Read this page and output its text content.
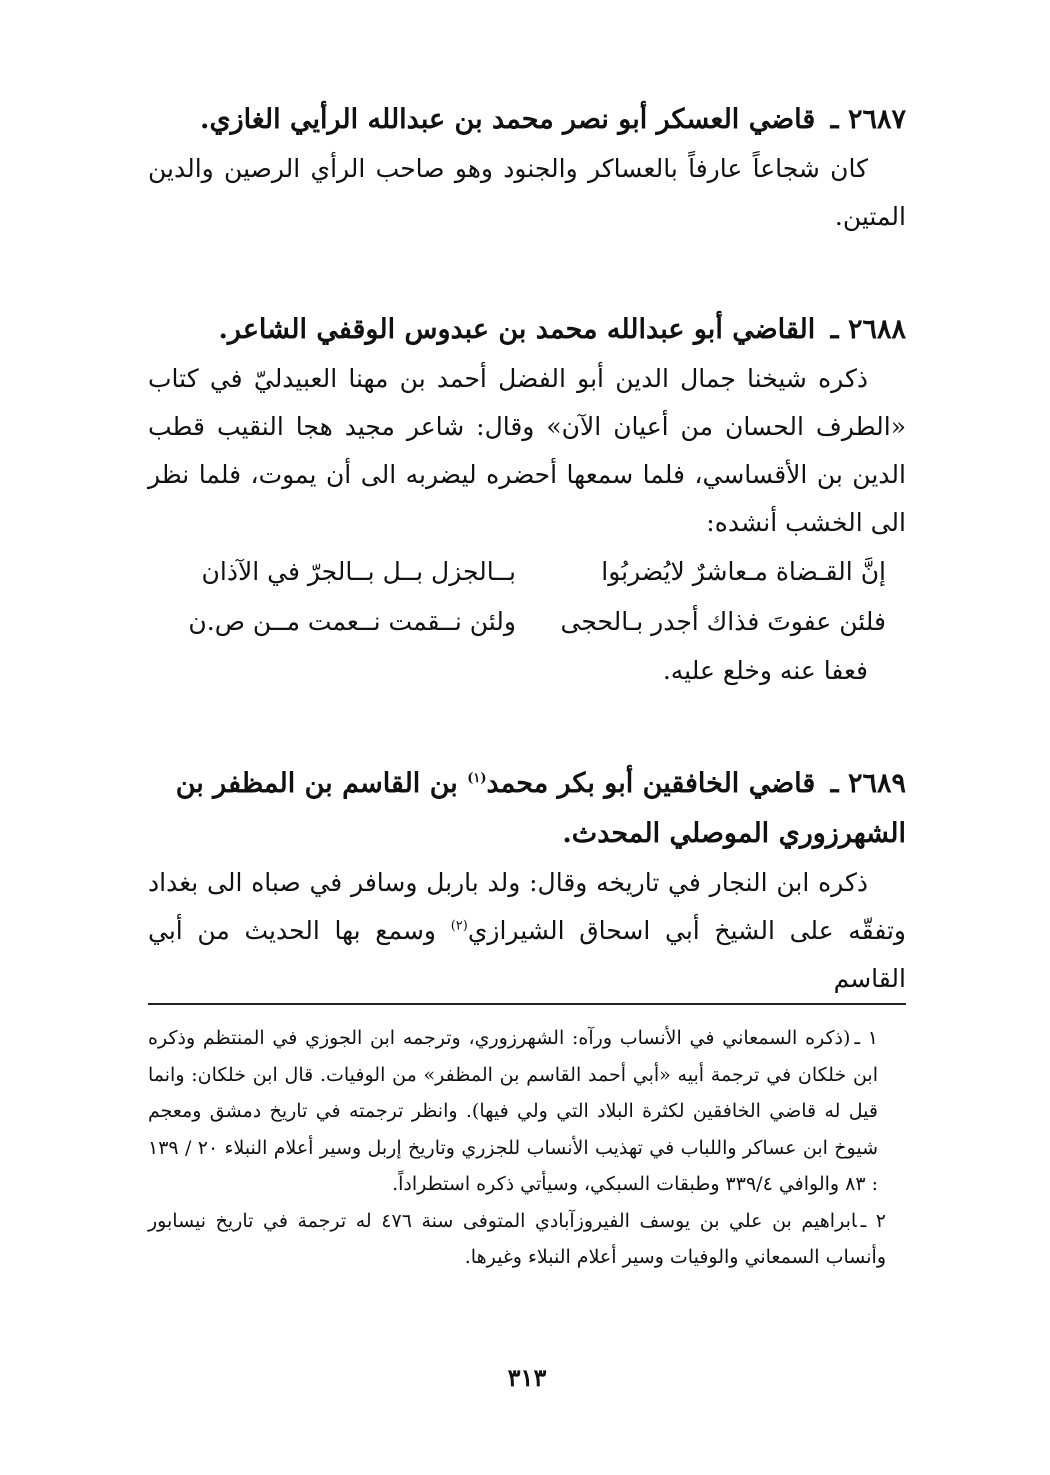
٢٦٨٧ ـ قاضي العسكر أبو نصر محمد بن عبدالله الرأيي الغازي.

كان شجاعاً عارفاً بالعساكر والجنود وهو صاحب الرأي الرصين والدين المتين.

٢٦٨٨ ـ القاضي أبو عبدالله محمد بن عبدوس الوقفي الشاعر.

ذكره شيخنا جمال الدين أبو الفضل أحمد بن مهنا العبيدليّ في كتاب «الطرف الحسان من أعيان الآن» وقال: شاعر مجيد هجا النقيب قطب الدين بن الأقساسي، فلما سمعها أحضره ليضربه الى أن يموت، فلما نظر الى الخشب أنشده:

إنَّ القـضاة مـعاشرٌ لايُضربُوا
بــالجزل بــل بــالجرّ في الآذان
فلئن عفوتَ فذاك أجدر بـالحجى
ولئن نــقمت نــعمت مــن ص.ن

فعفا عنه وخلع عليه.

٢٦٨٩ ـ قاضي الخافقين أبو بكر محمد$^{(١)}$ بن القاسم بن المظفر بن الشهرزوري الموصلي المحدث.

ذكره ابن النجار في تاريخه وقال: ولد باربل وسافر في صباه الى بغداد وتفقّه على الشيخ أبي اسحاق الشيرازي$^{(٢)}$ وسمع بها الحديث من أبي القاسم

١ ـ(ذكره السمعاني في الأنساب ورآه: الشهرزوري، وترجمه ابن الجوزي في المنتظم وذكره ابن خلكان في ترجمة أبيه «أبي أحمد القاسم بن المظفر» من الوفيات. قال ابن خلكان: وانما قيل له قاضي الخافقين لكثرة البلاد التي ولي فيها). وانظر ترجمته في تاريخ دمشق ومعجم شيوخ ابن عساكر واللباب في تهذيب الأنساب للجزري وتاريخ إربل وسير أعلام النبلاء ٢٠ / ١٣٩ : ٨٣ والوافي ٣٣٩/٤ وطبقات السبكي، وسيأتي ذكره استطراداً.

٢ ـابراهيم بن علي بن يوسف الفيروزآبادي المتوفى سنة ٤٧٦ له ترجمة في تاريخ نيسابور وأنساب السمعاني والوفيات وسير أعلام النبلاء وغيرها.

٣١٣
